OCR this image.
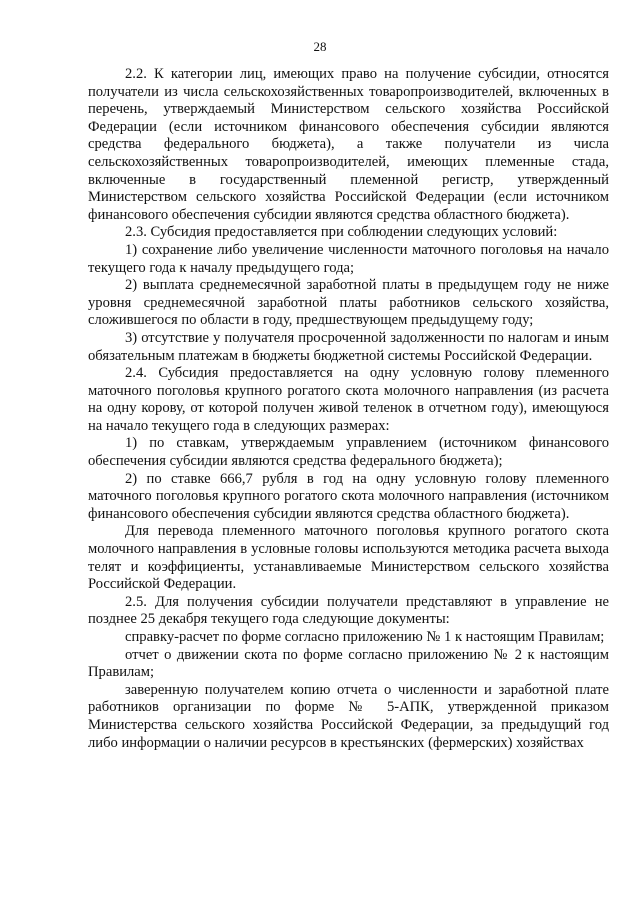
28

2.2. К категории лиц, имеющих право на получение субсидии, относятся получатели из числа сельскохозяйственных товаропроизводителей, включенных в перечень, утверждаемый Министерством сельского хозяйства Российской Федерации (если источником финансового обеспечения субсидии являются средства федерального бюджета), а также получатели из числа сельскохозяйственных товаропроизводителей, имеющих племенные стада, включенные в государственный племенной регистр, утвержденный Министерством сельского хозяйства Российской Федерации (если источником финансового обеспечения субсидии являются средства областного бюджета).

2.3. Субсидия предоставляется при соблюдении следующих условий:

1) сохранение либо увеличение численности маточного поголовья на начало текущего года к началу предыдущего года;

2) выплата среднемесячной заработной платы в предыдущем году не ниже уровня среднемесячной заработной платы работников сельского хозяйства, сложившегося по области в году, предшествующем предыдущему году;

3) отсутствие у получателя просроченной задолженности по налогам и иным обязательным платежам в бюджеты бюджетной системы Российской Федерации.

2.4. Субсидия предоставляется на одну условную голову племенного маточного поголовья крупного рогатого скота молочного направления (из расчета на одну корову, от которой получен живой теленок в отчетном году), имеющуюся на начало текущего года в следующих размерах:

1) по ставкам, утверждаемым управлением (источником финансового обеспечения субсидии являются средства федерального бюджета);

2) по ставке 666,7 рубля в год на одну условную голову племенного маточного поголовья крупного рогатого скота молочного направления (источником финансового обеспечения субсидии являются средства областного бюджета).

Для перевода племенного маточного поголовья крупного рогатого скота молочного направления в условные головы используются методика расчета выхода телят и коэффициенты, устанавливаемые Министерством сельского хозяйства Российской Федерации.

2.5. Для получения субсидии получатели представляют в управление не позднее 25 декабря текущего года следующие документы:

справку-расчет по форме согласно приложению № 1 к настоящим Правилам;

отчет о движении скота по форме согласно приложению № 2 к настоящим Правилам;

заверенную получателем копию отчета о численности и заработной плате работников организации по форме № 5-АПК, утвержденной приказом Министерства сельского хозяйства Российской Федерации, за предыдущий год либо информации о наличии ресурсов в крестьянских (фермерских) хозяйствах
